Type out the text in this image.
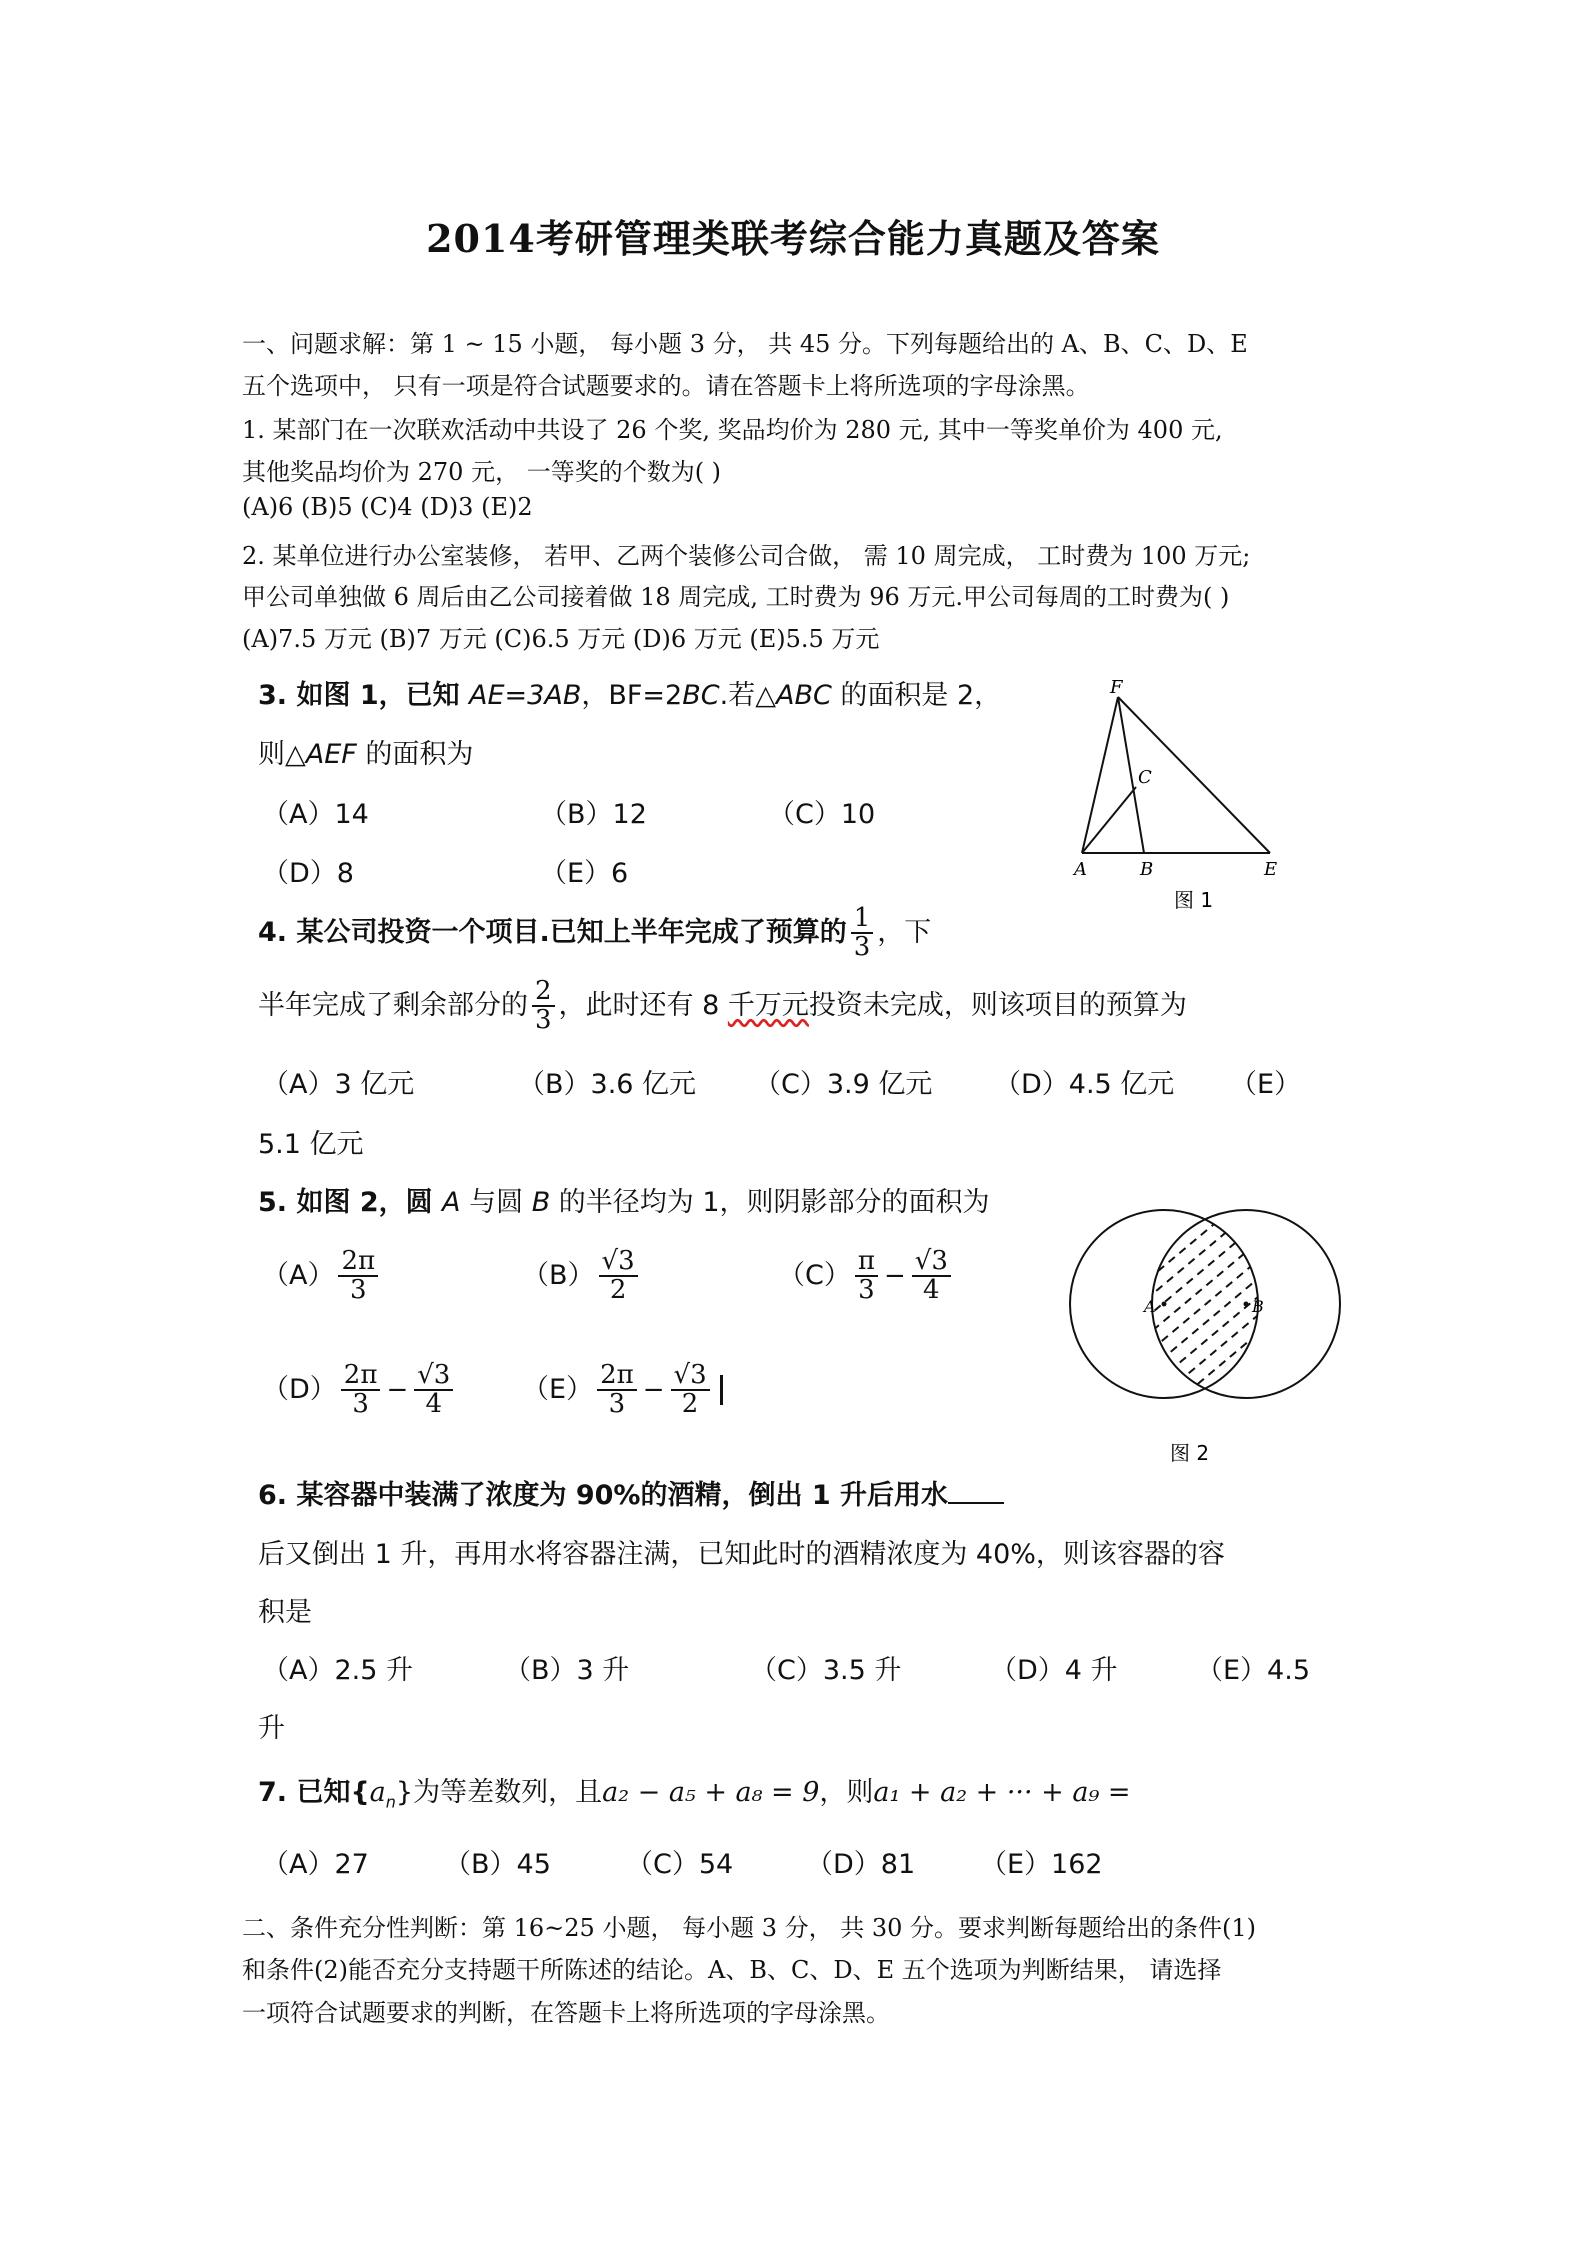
2014考研管理类联考综合能力真题及答案
一、问题求解：第 1 ~ 15 小题， 每小题 3 分， 共 45 分。下列每题给出的 A、B、C、D、E
五个选项中， 只有一项是符合试题要求的。请在答题卡上将所选项的字母涂黑。
1. 某部门在一次联欢活动中共设了 26 个奖, 奖品均价为 280 元, 其中一等奖单价为 400 元,
其他奖品均价为 270 元， 一等奖的个数为( )
(A)6 (B)5 (C)4 (D)3 (E)2
2. 某单位进行办公室装修， 若甲、乙两个装修公司合做， 需 10 周完成， 工时费为 100 万元;
甲公司单独做 6 周后由乙公司接着做 18 周完成, 工时费为 96 万元.甲公司每周的工时费为( )
(A)7.5 万元 (B)7 万元 (C)6.5 万元 (D)6 万元 (E)5.5 万元
3. 如图 1，已知 AE=3AB，BF=2BC.若△ABC 的面积是 2，
则△AEF 的面积为
（A）14	（B）12	（C）10
（D）8	（E）6
F
C
A	B	E
图 1
4. 某公司投资一个项目.已知上半年完成了预算的 $\frac{1}{3}$ ，下
半年完成了剩余部分的 $\frac{2}{3}$ ，此时还有 8 千万元投资未完成，则该项目的预算为
（A）3 亿元	（B）3.6 亿元 （C）3.9 亿元 （D）4.5 亿元 （E）
5.1 亿元
5. 如图 2，圆 A 与圆 B 的半径均为 1，则阴影部分的面积为
$(A) \frac{2\pi}{3}$	$(B) \frac{√3}{2}$	$(C) \frac{\pi}{3} - \frac{√3}{4}$
$(D) \frac{2\pi}{3} - \frac{√3}{4}$	$(E) \frac{2\pi}{3} - \frac{√3}{2}$
A	B
图 2
6. 某容器中装满了浓度为 90%的酒精，倒出 1 升后用水
后又倒出 1 升，再用水将容器注满，已知此时的酒精浓度为 40%，则该容器的容
积是
（A）2.5 升	（B）3 升	（C）3.5 升	（D）4 升	（E）4.5
升
7. 已知$\{a_n\}$为等差数列，且a₂ − a₅ + a₈ = 9，则a₁ + a₂ + ··· + a₉ =
（A）27	（B）45	（C）54	（D）81 （E）162
二、条件充分性判断：第 16~25 小题， 每小题 3 分， 共 30 分。要求判断每题给出的条件(1)
和条件(2)能否充分支持题干所陈述的结论。A、B、C、D、E 五个选项为判断结果， 请选择
一项符合试题要求的判断，在答题卡上将所选项的字母涂黑。
